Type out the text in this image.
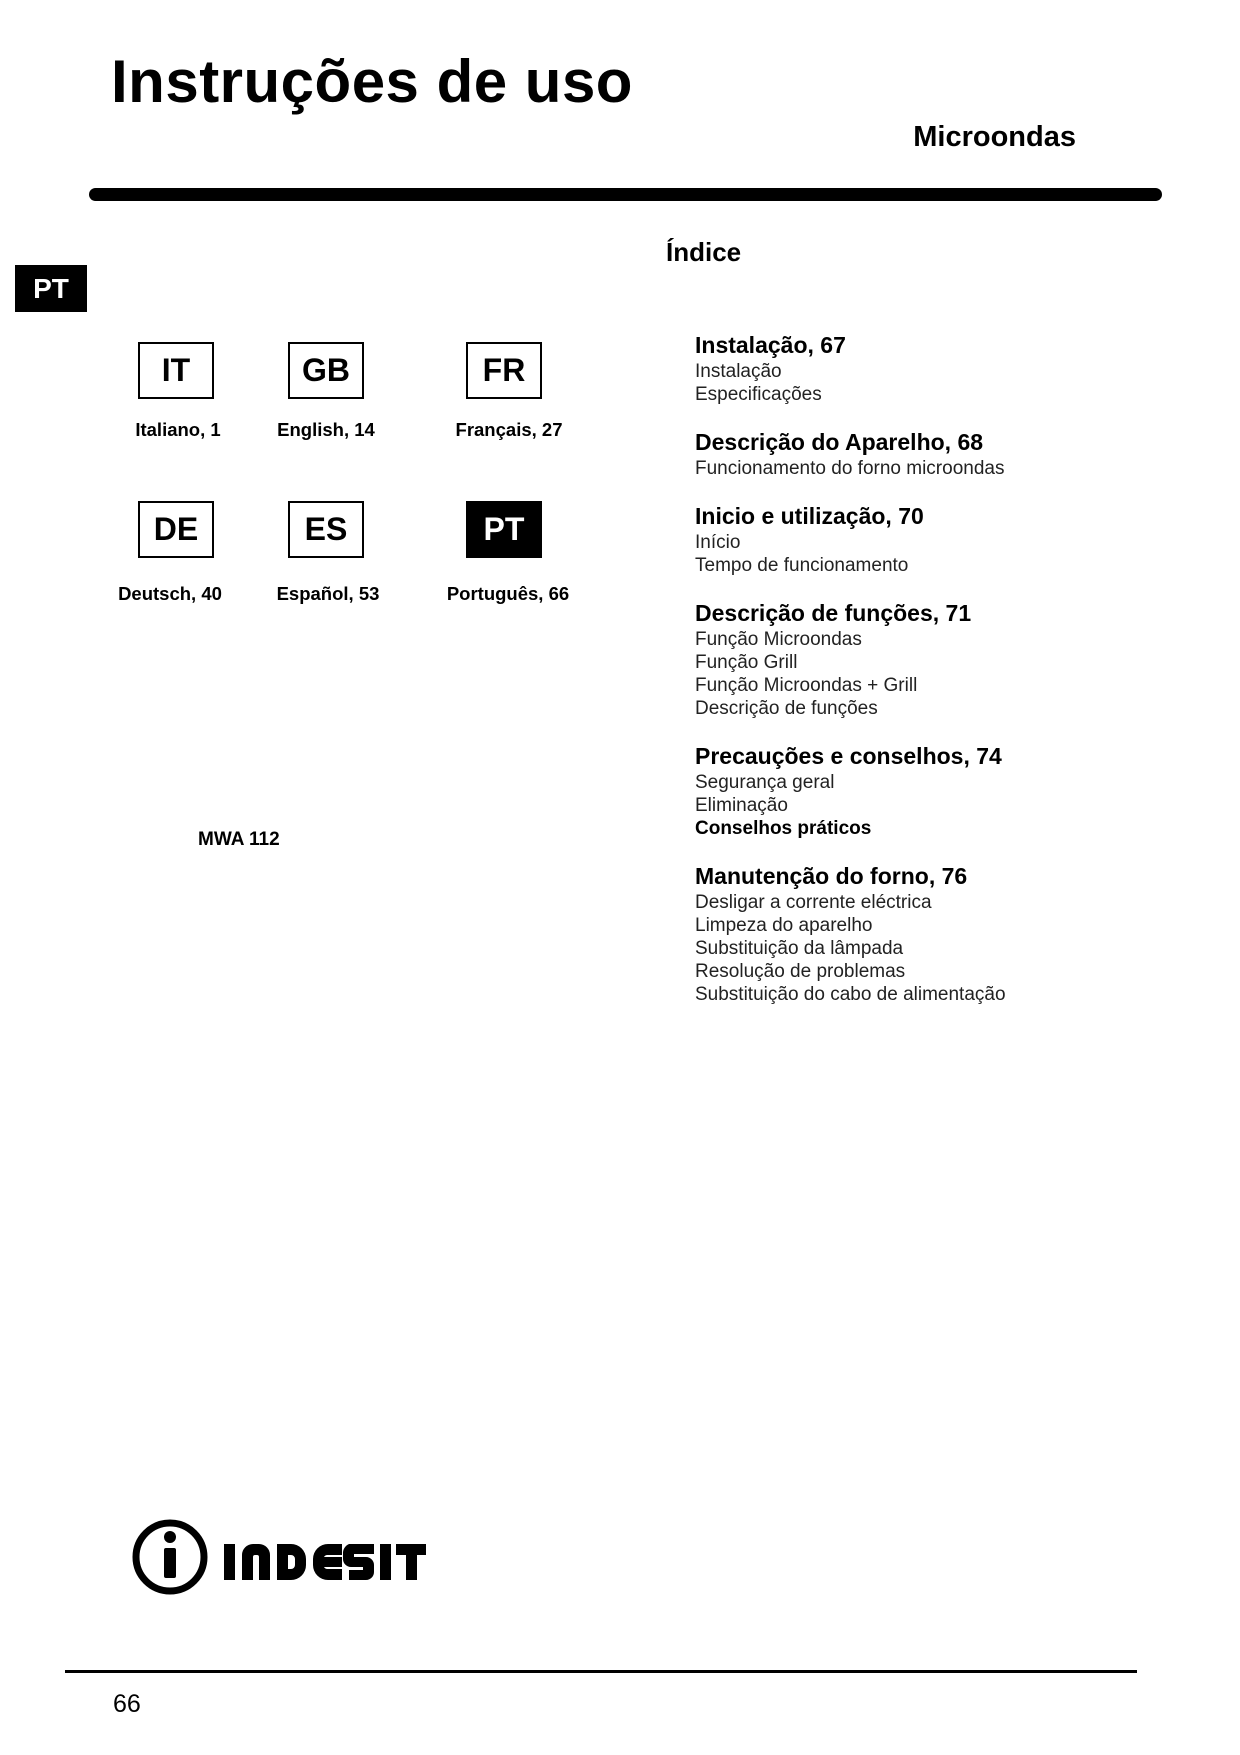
Instruções de uso
Microondas
PT
IT	GB	FR
Italiano, 1	English, 14	Français, 27
DE	ES	PT
Deutsch, 40	Español, 53	Português, 66
MWA 112
Índice
Instalação, 67
Instalação
Especificações
Descrição do Aparelho, 68
Funcionamento do forno microondas
Inicio e utilização, 70
Início
Tempo de funcionamento
Descrição de funções, 71
Função Microondas
Função Grill
Função Microondas + Grill
Descrição de funções
Precauções e conselhos, 74
Segurança geral
Eliminação
Conselhos práticos
Manutenção do forno, 76
Desligar a corrente eléctrica
Limpeza do aparelho
Substituição da lâmpada
Resolução de problemas
Substituição do cabo de alimentação
66
